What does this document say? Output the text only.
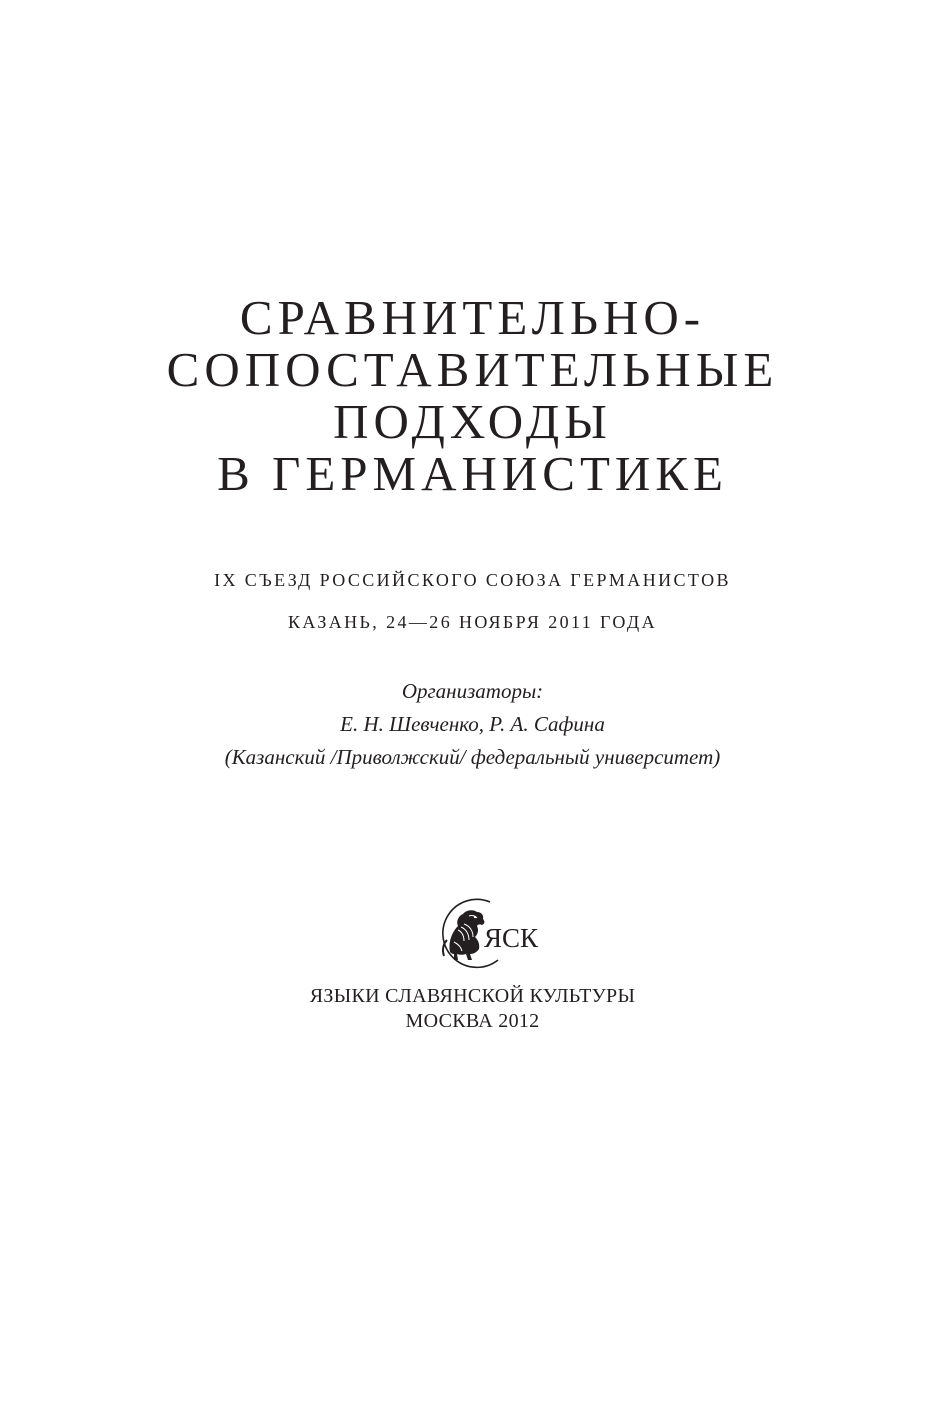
СРАВНИТЕЛЬНО-
СОПОСТАВИТЕЛЬНЫЕ
ПОДХОДЫ
В ГЕРМАНИСТИКЕ
IX СЪЕЗД РОССИЙСКОГО СОЮЗА ГЕРМАНИСТОВ
КАЗАНЬ, 24—26 НОЯБРЯ 2011 ГОДА
Организаторы:
Е. Н. Шевченко, Р. А. Сафина
(Казанский /Приволжский/ федеральный университет)
ЯСК
ЯЗЫКИ СЛАВЯНСКОЙ КУЛЬТУРЫ
МОСКВА 2012
